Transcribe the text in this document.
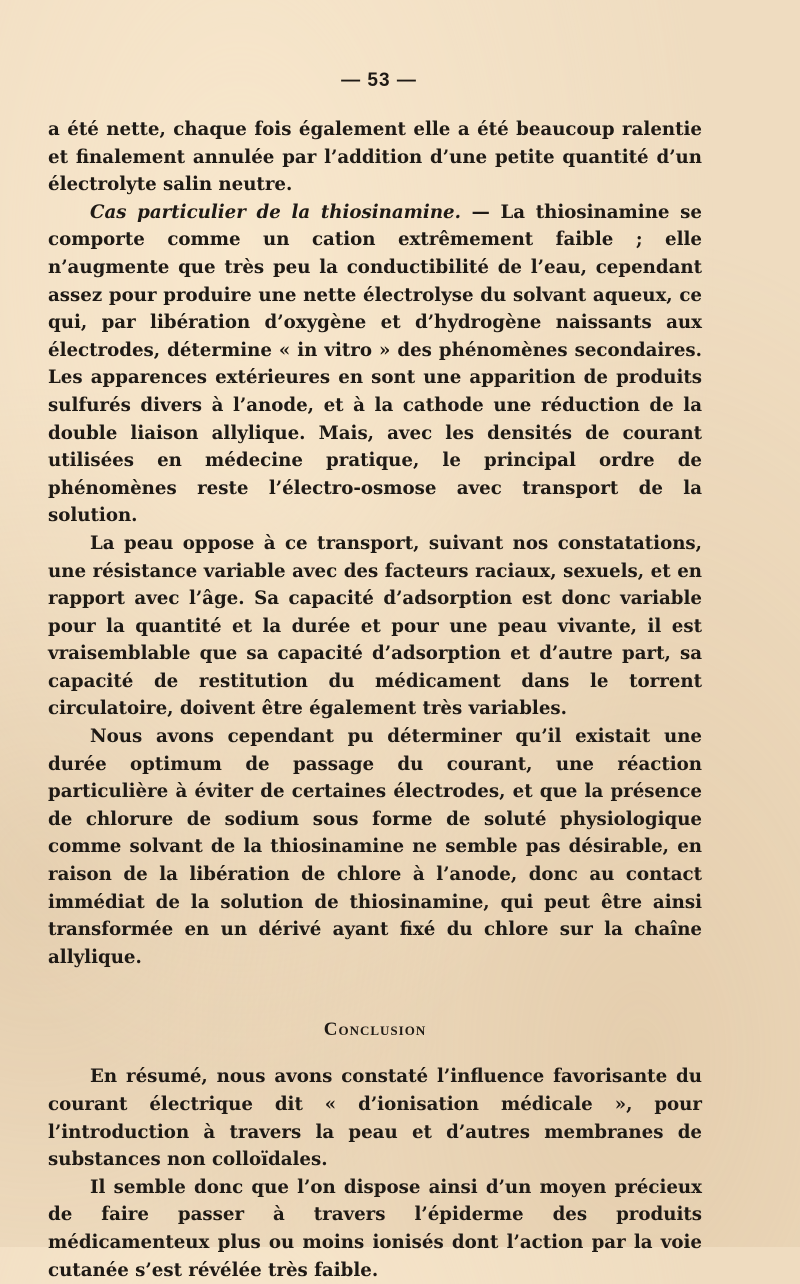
— 53 —

a été nette, chaque fois également elle a été beaucoup ralentie et finalement annulée par l’addition d’une petite quantité d’un électrolyte salin neutre.

Cas particulier de la thiosinamine. — La thiosinamine se comporte comme un cation extrêmement faible ; elle n’augmente que très peu la conductibilité de l’eau, cependant assez pour produire une nette électrolyse du solvant aqueux, ce qui, par libération d’oxygène et d’hydrogène naissants aux électrodes, détermine « in vitro » des phénomènes secondaires. Les apparences extérieures en sont une apparition de produits sulfurés divers à l’anode, et à la cathode une réduction de la double liaison allylique. Mais, avec les densités de courant utilisées en médecine pratique, le principal ordre de phénomènes reste l’électro-osmose avec transport de la solution.

La peau oppose à ce transport, suivant nos constatations, une résistance variable avec des facteurs raciaux, sexuels, et en rapport avec l’âge. Sa capacité d’adsorption est donc variable pour la quantité et la durée et pour une peau vivante, il est vraisemblable que sa capacité d’adsorption et d’autre part, sa capacité de restitution du médicament dans le torrent circulatoire, doivent être également très variables.

Nous avons cependant pu déterminer qu’il existait une durée optimum de passage du courant, une réaction particulière à éviter de certaines électrodes, et que la présence de chlorure de sodium sous forme de soluté physiologique comme solvant de la thiosinamine ne semble pas désirable, en raison de la libération de chlore à l’anode, donc au contact immédiat de la solution de thiosinamine, qui peut être ainsi transformée en un dérivé ayant fixé du chlore sur la chaîne allylique.

Conclusion

En résumé, nous avons constaté l’influence favorisante du courant électrique dit « d’ionisation médicale », pour l’introduction à travers la peau et d’autres membranes de substances non colloïdales.

Il semble donc que l’on dispose ainsi d’un moyen précieux de faire passer à travers l’épiderme des produits médicamenteux plus ou moins ionisés dont l’action par la voie cutanée s’est révélée très faible.
